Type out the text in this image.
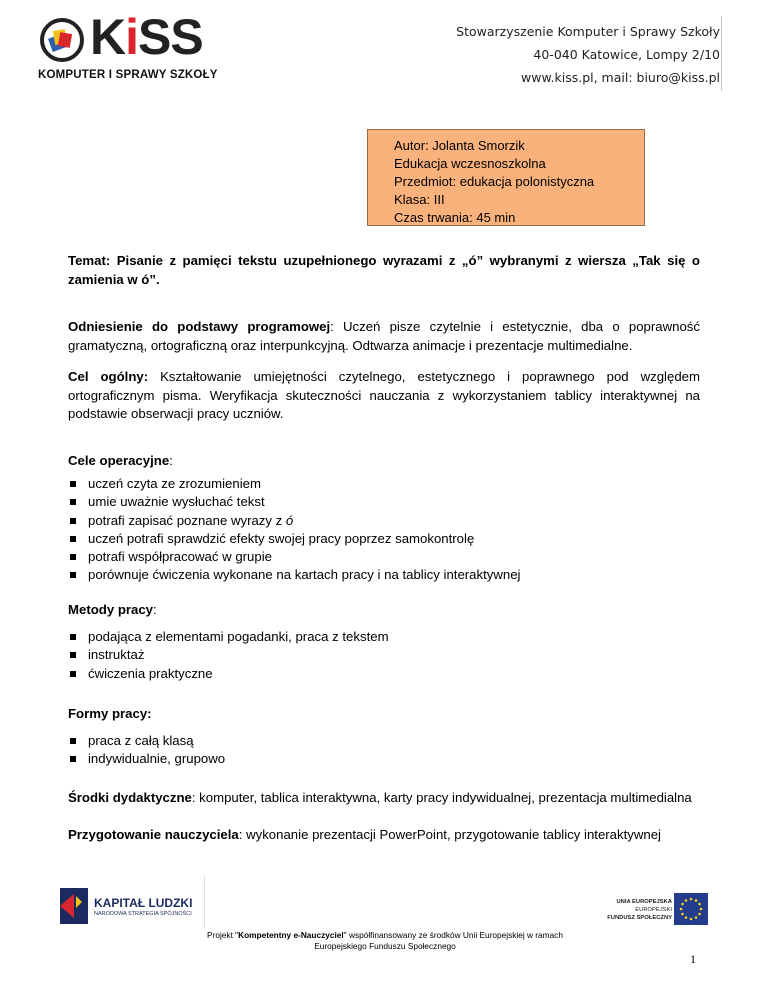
KiSS
KOMPUTER I SPRAWY SZKOŁY
Stowarzyszenie Komputer i Sprawy Szkoły
40-040 Katowice, Lompy 2/10
www.kiss.pl, mail: biuro@kiss.pl
Autor: Jolanta Smorzik
Edukacja wczesnoszkolna
Przedmiot: edukacja polonistyczna
Klasa: III
Czas trwania: 45 min
Temat: Pisanie z pamięci tekstu uzupełnionego wyrazami z „ó” wybranymi z wiersza „Tak się o zamienia w ó”.
Odniesienie do podstawy programowej: Uczeń pisze czytelnie i estetycznie, dba o poprawność gramatyczną, ortograficzną oraz interpunkcyjną. Odtwarza animacje i prezentacje multimedialne.
Cel ogólny: Kształtowanie umiejętności czytelnego, estetycznego i poprawnego pod względem ortograficznym pisma. Weryfikacja skuteczności nauczania z wykorzystaniem tablicy interaktywnej na podstawie obserwacji pracy uczniów.
Cele operacyjne:
uczeń czyta ze zrozumieniem
umie uważnie wysłuchać tekst
potrafi zapisać poznane wyrazy z ó
uczeń potrafi sprawdzić efekty swojej pracy poprzez samokontrolę
potrafi współpracować w grupie
porównuje ćwiczenia wykonane na kartach pracy i na tablicy interaktywnej
Metody pracy:
podająca z elementami pogadanki, praca z tekstem
instruktaż
ćwiczenia praktyczne
Formy pracy:
praca z całą klasą
indywidualnie, grupowo
Środki dydaktyczne: komputer, tablica interaktywna, karty pracy indywidualnej, prezentacja multimedialna
Przygotowanie nauczyciela: wykonanie prezentacji PowerPoint, przygotowanie tablicy interaktywnej
KAPITAŁ LUDZKI
NARODOWA STRATEGIA SPÓJNOŚCI
UNIA EUROPEJSKA
EUROPEJSKI
FUNDUSZ SPOŁECZNY
Projekt "Kompetentny e-Nauczyciel" współfinansowany ze środków Unii Europejskiej w ramach Europejskiego Funduszu Społecznego
1
